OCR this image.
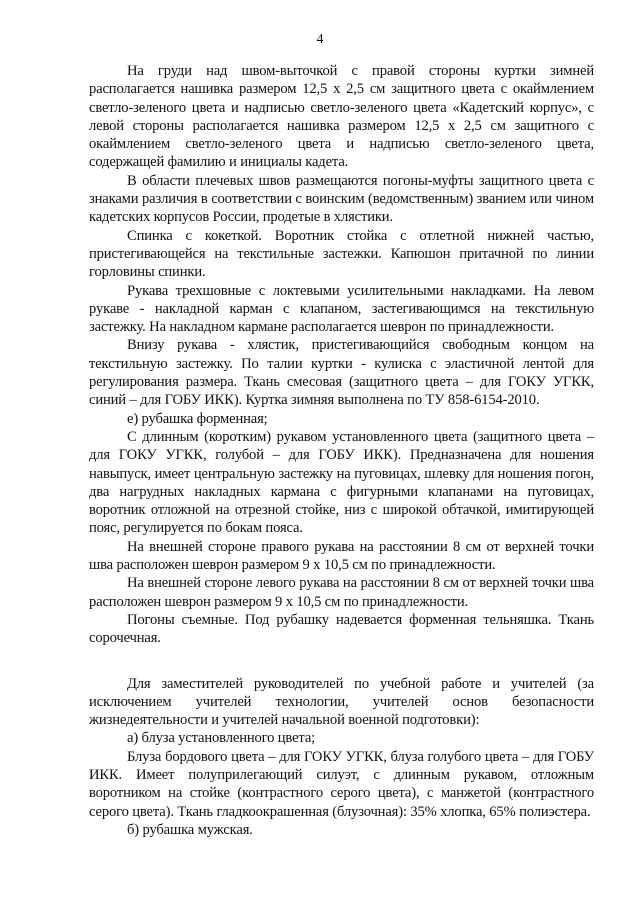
4

На груди над швом-выточкой с правой стороны куртки зимней располагается нашивка размером 12,5 х 2,5 см защитного цвета с окаймлением светло-зеленого цвета и надписью светло-зеленого цвета «Кадетский корпус», с левой стороны располагается нашивка размером 12,5 х 2,5 см защитного с окаймлением светло-зеленого цвета и надписью светло-зеленого цвета, содержащей фамилию и инициалы кадета.

В области плечевых швов размещаются погоны-муфты защитного цвета с знаками различия в соответствии с воинским (ведомственным) званием или чином кадетских корпусов России, продетые в хлястики.

Спинка с кокеткой. Воротник стойка с отлетной нижней частью, пристегивающейся на текстильные застежки. Капюшон притачной по линии горловины спинки.

Рукава трехшовные с локтевыми усилительными накладками. На левом рукаве - накладной карман с клапаном, застегивающимся на текстильную застежку. На накладном кармане располагается шеврон по принадлежности.

Внизу рукава - хлястик, пристегивающийся свободным концом на текстильную застежку. По талии куртки - кулиска с эластичной лентой для регулирования размера. Ткань смесовая (защитного цвета – для ГОКУ УГКК, синий – для ГОБУ ИКК). Куртка зимняя выполнена по ТУ 858-6154-2010.

е) рубашка форменная;

С длинным (коротким) рукавом установленного цвета (защитного цвета – для ГОКУ УГКК, голубой – для ГОБУ ИКК). Предназначена для ношения навыпуск, имеет центральную застежку на пуговицах, шлевку для ношения погон, два нагрудных накладных кармана с фигурными клапанами на пуговицах, воротник отложной на отрезной стойке, низ с широкой обтачкой, имитирующей пояс, регулируется по бокам пояса.

На внешней стороне правого рукава на расстоянии 8 см от верхней точки шва расположен шеврон размером 9 х 10,5 см по принадлежности.

На внешней стороне левого рукава на расстоянии 8 см от верхней точки шва расположен шеврон размером 9 х 10,5 см по принадлежности.

Погоны съемные. Под рубашку надевается форменная тельняшка. Ткань сорочечная.

Для заместителей руководителей по учебной работе и учителей (за исключением учителей технологии, учителей основ безопасности жизнедеятельности и учителей начальной военной подготовки):

а) блуза установленного цвета;

Блуза бордового цвета – для ГОКУ УГКК, блуза голубого цвета – для ГОБУ ИКК. Имеет полуприлегающий силуэт, с длинным рукавом, отложным воротником на стойке (контрастного серого цвета), с манжетой (контрастного серого цвета). Ткань гладкоокрашенная (блузочная): 35% хлопка, 65% полиэстера.

б) рубашка мужская.
